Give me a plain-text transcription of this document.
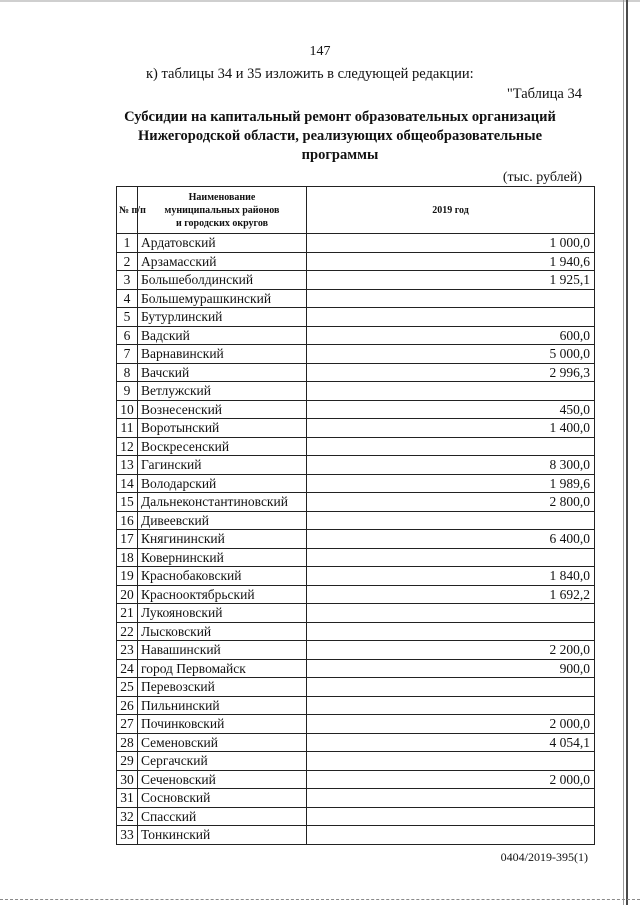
147
к) таблицы 34 и 35 изложить в следующей редакции:
"Таблица 34
Субсидии на капитальный ремонт образовательных организаций
Нижегородской области, реализующих общеобразовательные
программы
(тыс. рублей)
№ п/п	Наименование
муниципальных районов
и городских округов	2019 год
1	Ардатовский	1 000,0
2	Арзамасский	1 940,6
3	Большеболдинский	1 925,1
4	Большемурашкинский	
5	Бутурлинский	
6	Вадский	600,0
7	Варнавинский	5 000,0
8	Вачский	2 996,3
9	Ветлужский	
10	Вознесенский	450,0
11	Воротынский	1 400,0
12	Воскресенский	
13	Гагинский	8 300,0
14	Володарский	1 989,6
15	Дальнеконстантиновский	2 800,0
16	Дивеевский	
17	Княгининский	6 400,0
18	Ковернинский	
19	Краснобаковский	1 840,0
20	Краснооктябрьский	1 692,2
21	Лукояновский	
22	Лысковский	
23	Навашинский	2 200,0
24	город Первомайск	900,0
25	Перевозский	
26	Пильнинский	
27	Починковский	2 000,0
28	Семеновский	4 054,1
29	Сергачский	
30	Сеченовский	2 000,0
31	Сосновский	
32	Спасский	
33	Тонкинский	
0404/2019-395(1)
